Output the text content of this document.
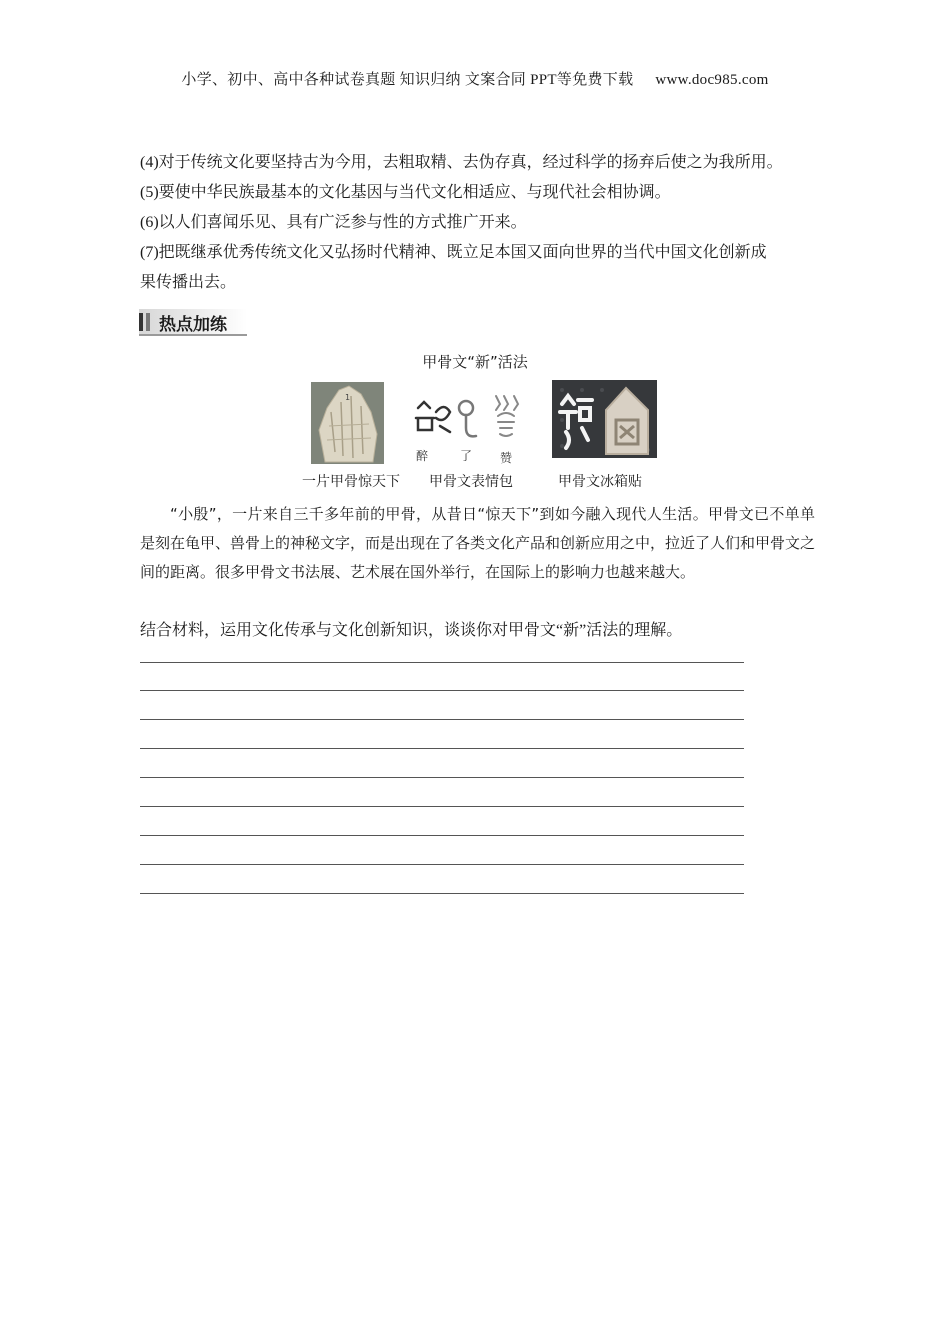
小学、初中、高中各种试卷真题 知识归纳 文案合同 PPT等免费下载 www.doc985.com

(4)对于传统文化要坚持古为今用，去粗取精、去伪存真，经过科学的扬弃后使之为我所用。

(5)要使中华民族最基本的文化基因与当代文化相适应、与现代社会相协调。

(6)以人们喜闻乐见、具有广泛参与性的方式推广开来。

(7)把既继承优秀传统文化又弘扬时代精神、既立足本国又面向世界的当代中国文化创新成

果传播出去。

热点加练
甲骨文“新”活法
1
醉	了 赞
一片甲骨惊天下	甲骨文表情包	甲骨文冰箱贴

“小殷”，一片来自三千多年前的甲骨，从昔日“惊天下”到如今融入现代人生活。甲骨文已不单单是刻在龟甲、兽骨上的神秘文字，而是出现在了各类文化产品和创新应用之中，拉近了人们和甲骨文之间的距离。很多甲骨文书法展、艺术展在国外举行，在国际上的影响力也越来越大。

结合材料，运用文化传承与文化创新知识，谈谈你对甲骨文“新”活法的理解。
